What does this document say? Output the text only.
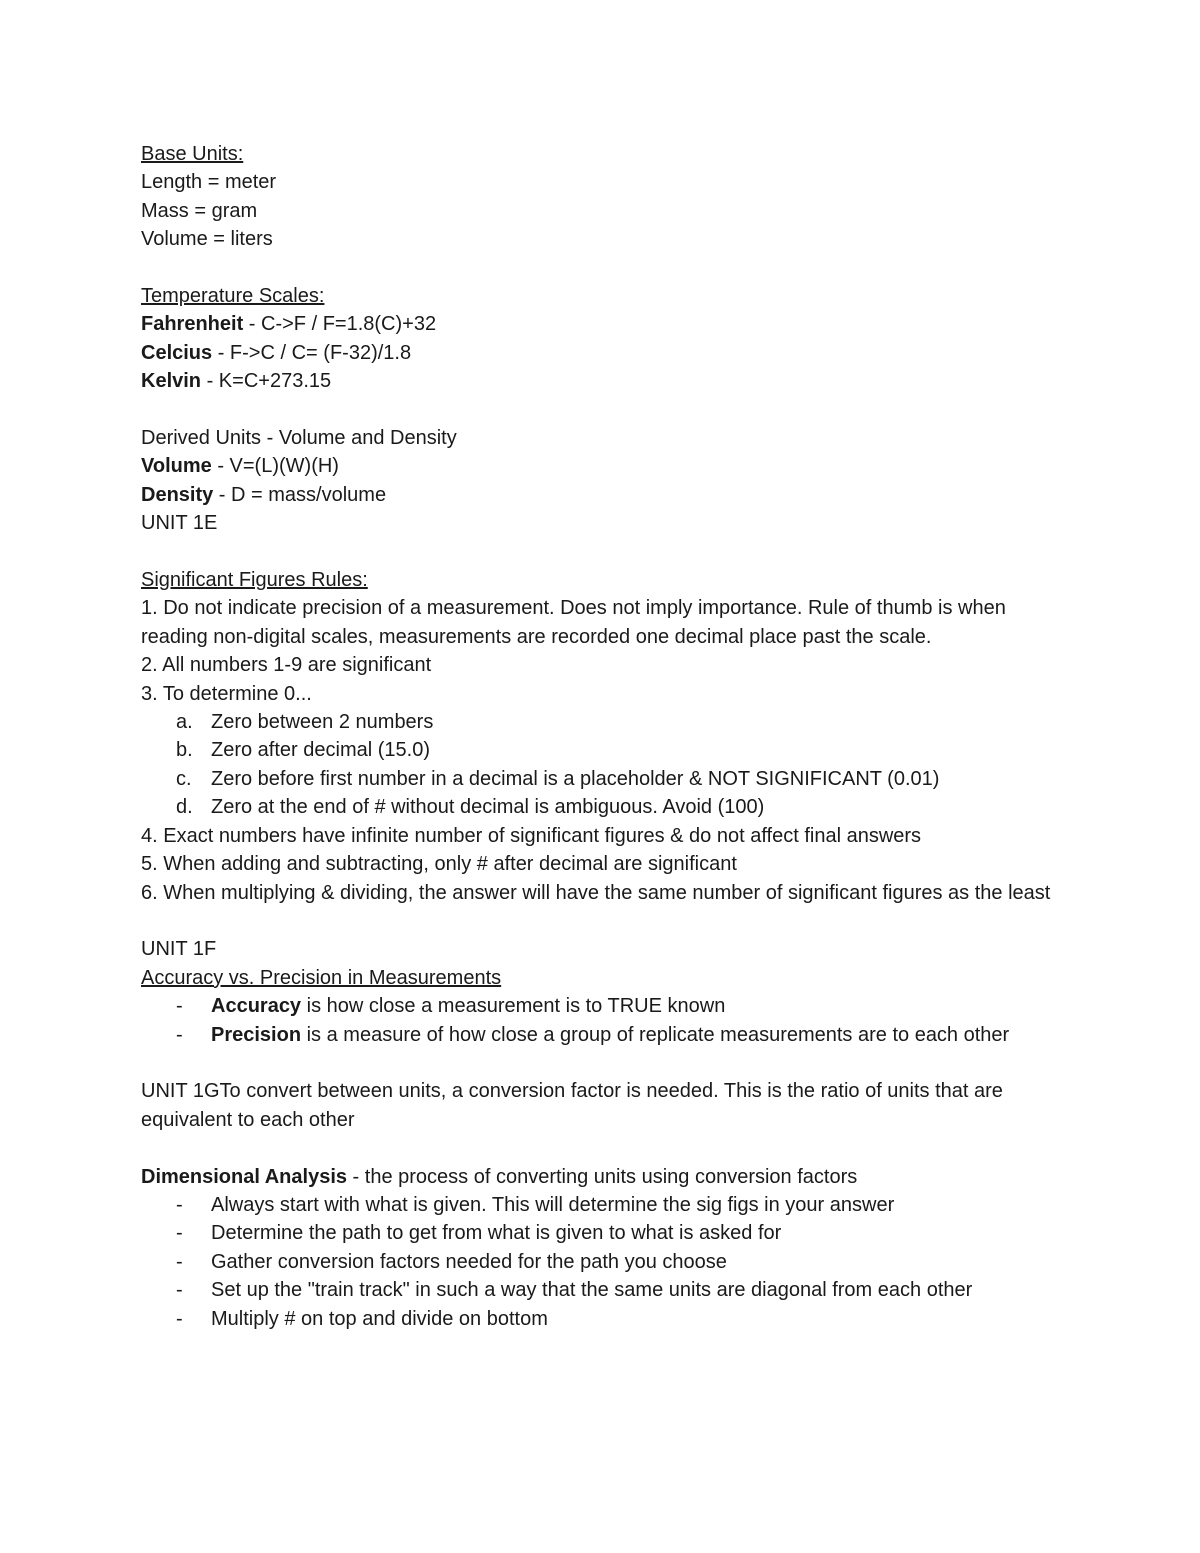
Base Units:
Length = meter
Mass = gram
Volume = liters
Temperature Scales:
Fahrenheit - C->F / F=1.8(C)+32
Celcius - F->C / C= (F-32)/1.8
Kelvin - K=C+273.15
Derived Units - Volume and Density
Volume - V=(L)(W)(H)
Density - D = mass/volume
UNIT 1E
Significant Figures Rules:
1. Do not indicate precision of a measurement. Does not imply importance. Rule of thumb is when reading non-digital scales, measurements are recorded one decimal place past the scale.
2. All numbers 1-9 are significant
3. To determine 0...
a. Zero between 2 numbers
b. Zero after decimal (15.0)
c. Zero before first number in a decimal is a placeholder & NOT SIGNIFICANT (0.01)
d. Zero at the end of # without decimal is ambiguous. Avoid (100)
4. Exact numbers have infinite number of significant figures & do not affect final answers
5. When adding and subtracting, only # after decimal are significant
6. When multiplying & dividing, the answer will have the same number of significant figures as the least
UNIT 1F
Accuracy vs. Precision in Measurements
- Accuracy is how close a measurement is to TRUE known
- Precision is a measure of how close a group of replicate measurements are to each other
UNIT 1GTo convert between units, a conversion factor is needed. This is the ratio of units that are equivalent to each other
Dimensional Analysis - the process of converting units using conversion factors
- Always start with what is given. This will determine the sig figs in your answer
- Determine the path to get from what is given to what is asked for
- Gather conversion factors needed for the path you choose
- Set up the "train track" in such a way that the same units are diagonal from each other
- Multiply # on top and divide on bottom
